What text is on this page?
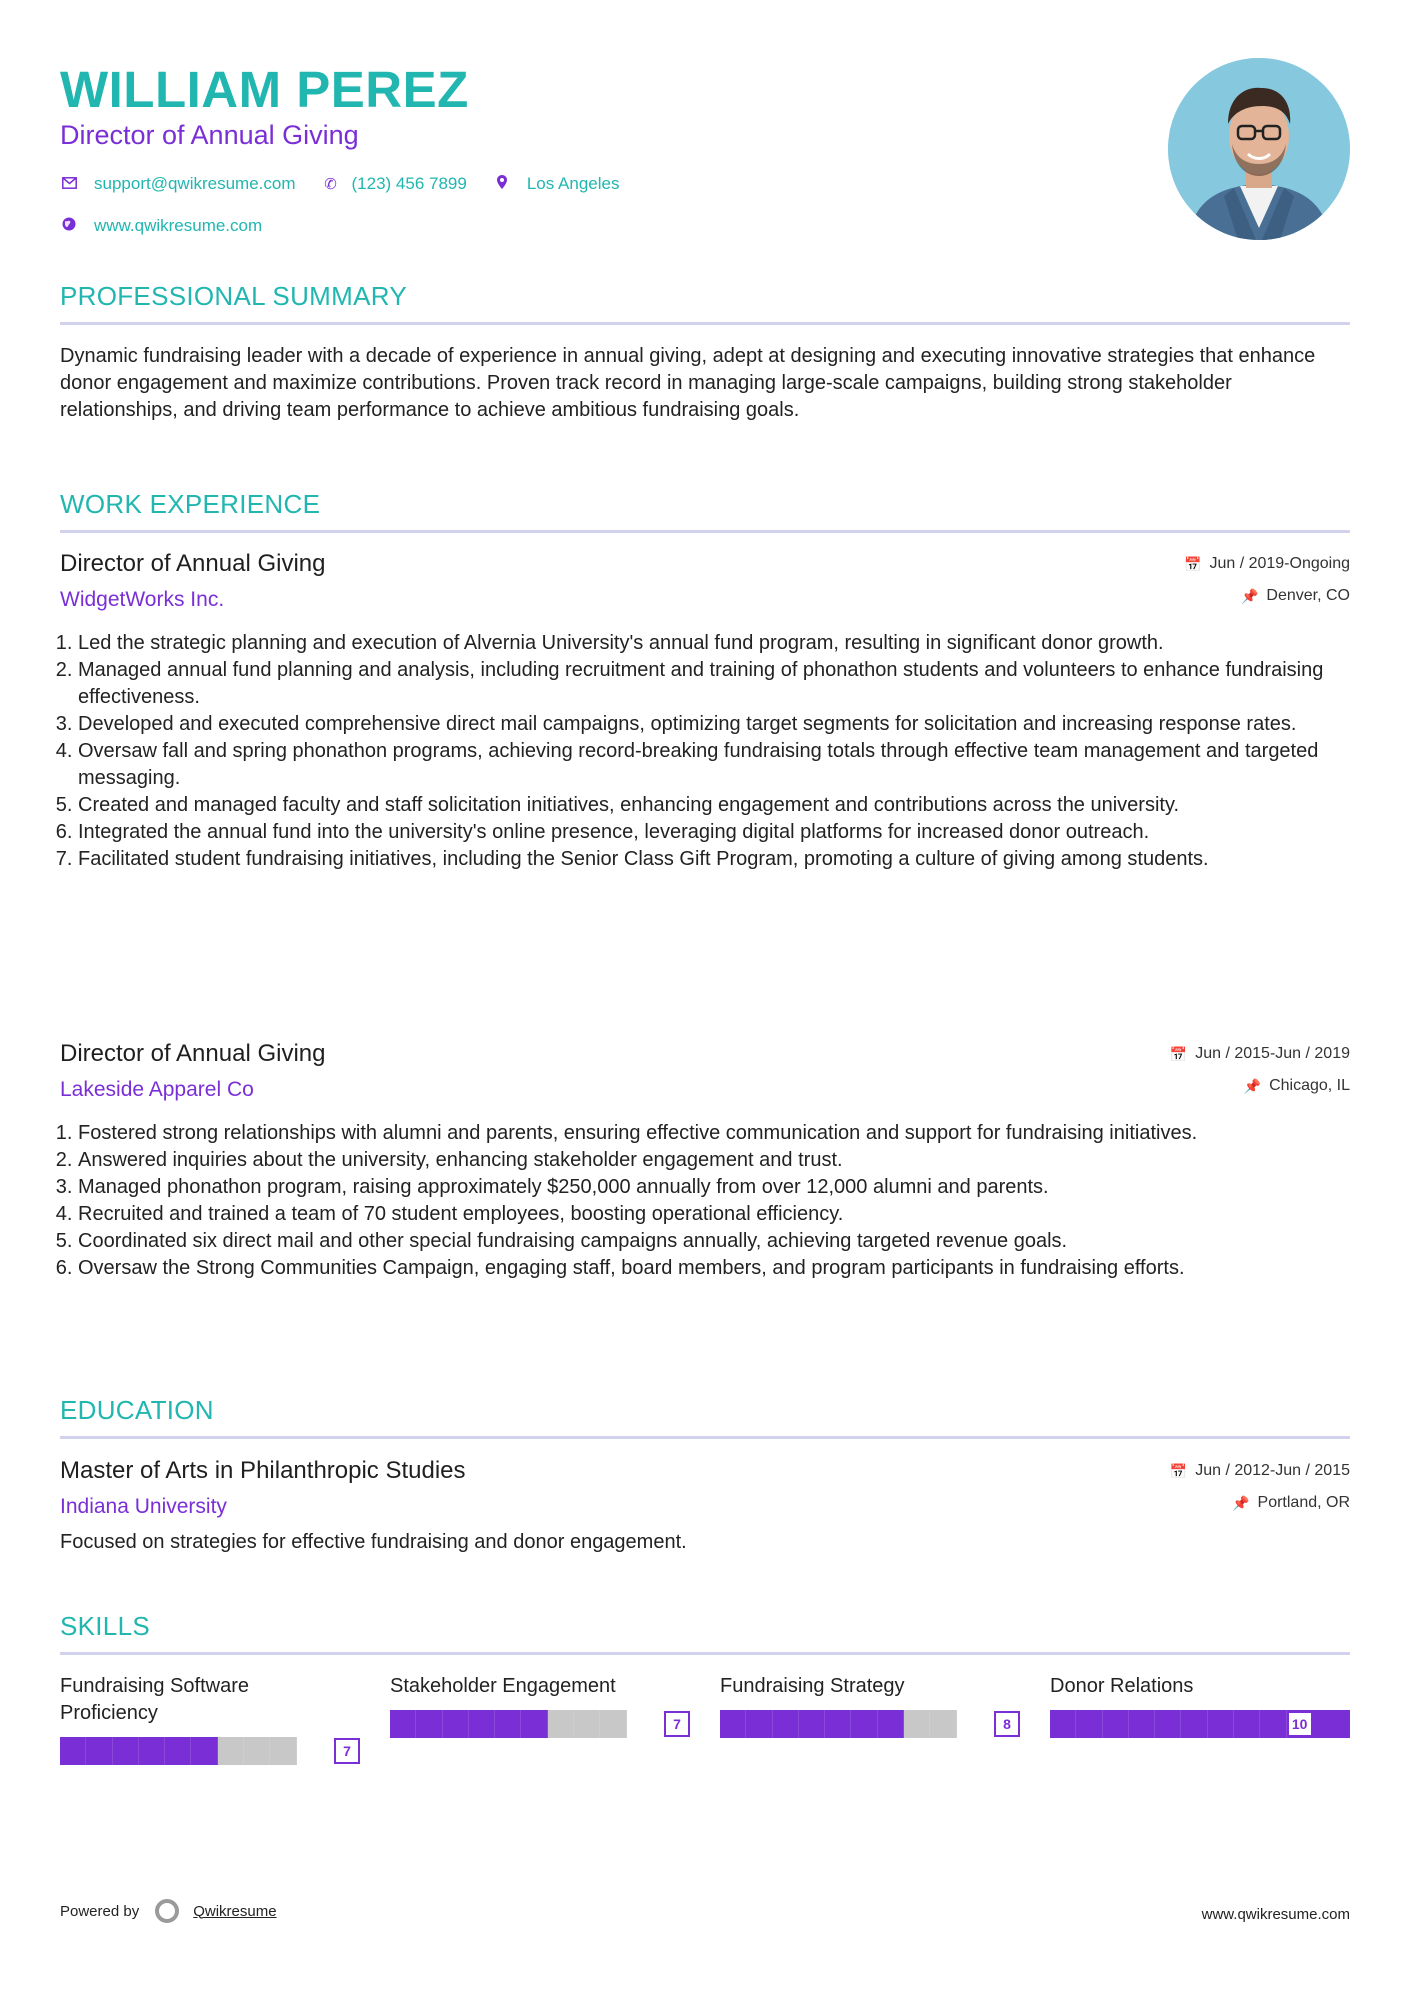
WILLIAM PEREZ
Director of Annual Giving
support@qwikresume.com ✆ (123) 456 7899	Los Angeles
www.qwikresume.com
PROFESSIONAL SUMMARY

Dynamic fundraising leader with a decade of experience in annual giving, adept at designing and executing innovative strategies that enhance donor engagement and maximize contributions. Proven track record in managing large-scale campaigns, building strong stakeholder relationships, and driving team performance to achieve ambitious fundraising goals.

WORK EXPERIENCE
Director of Annual Giving
WidgetWorks Inc.
📅 Jun / 2019-Ongoing
📌 Denver, CO
1. Led the strategic planning and execution of Alvernia University's annual fund program, resulting in significant donor growth.
2. Managed annual fund planning and analysis, including recruitment and training of phonathon students and volunteers to enhance fundraising effectiveness.
3. Developed and executed comprehensive direct mail campaigns, optimizing target segments for solicitation and increasing response rates.
4. Oversaw fall and spring phonathon programs, achieving record-breaking fundraising totals through effective team management and targeted messaging.
5. Created and managed faculty and staff solicitation initiatives, enhancing engagement and contributions across the university.
6. Integrated the annual fund into the university's online presence, leveraging digital platforms for increased donor outreach.
7. Facilitated student fundraising initiatives, including the Senior Class Gift Program, promoting a culture of giving among students.
Director of Annual Giving
Lakeside Apparel Co
📅 Jun / 2015-Jun / 2019
📌 Chicago, IL
1. Fostered strong relationships with alumni and parents, ensuring effective communication and support for fundraising initiatives.
2. Answered inquiries about the university, enhancing stakeholder engagement and trust.
3. Managed phonathon program, raising approximately $250,000 annually from over 12,000 alumni and parents.
4. Recruited and trained a team of 70 student employees, boosting operational efficiency.
5. Coordinated six direct mail and other special fundraising campaigns annually, achieving targeted revenue goals.
6. Oversaw the Strong Communities Campaign, engaging staff, board members, and program participants in fundraising efforts.
EDUCATION
Master of Arts in Philanthropic Studies
Indiana University
📅 Jun / 2012-Jun / 2015
📌 Portland, OR
Focused on strategies for effective fundraising and donor engagement.
SKILLS
Fundraising Software Proficiency
7
Stakeholder Engagement
7
Fundraising Strategy
8
Donor Relations
10
Powered by	Qwikresume	www.qwikresume.com
